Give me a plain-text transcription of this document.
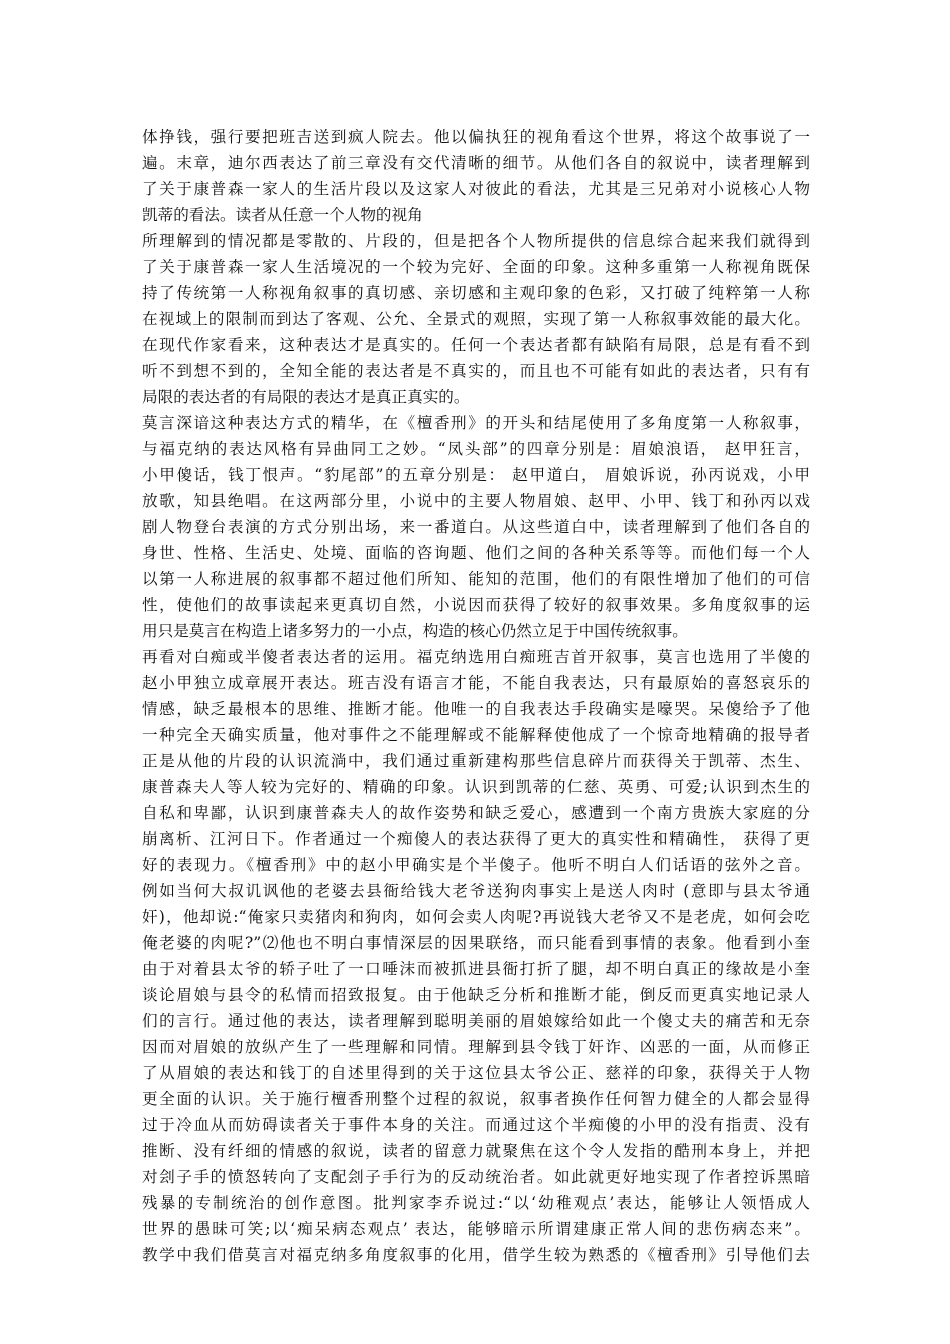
体挣钱，强行要把班吉送到疯人院去。他以偏执狂的视角看这个世界，将这个故事说了一
遍。末章，迪尔西表达了前三章没有交代清晰的细节。从他们各自的叙说中，读者理解到
了关于康普森一家人的生活片段以及这家人对彼此的看法，尤其是三兄弟对小说核心人物
凯蒂的看法。读者从任意一个人物的视角
所理解到的情况都是零散的、片段的，但是把各个人物所提供的信息综合起来我们就得到
了关于康普森一家人生活境况的一个较为完好、全面的印象。这种多重第一人称视角既保
持了传统第一人称视角叙事的真切感、亲切感和主观印象的色彩，又打破了纯粹第一人称
在视域上的限制而到达了客观、公允、全景式的观照，实现了第一人称叙事效能的最大化。
在现代作家看来，这种表达才是真实的。任何一个表达者都有缺陷有局限，总是有看不到
听不到想不到的，全知全能的表达者是不真实的，而且也不可能有如此的表达者，只有有
局限的表达者的有局限的表达才是真正真实的。
莫言深谙这种表达方式的精华，在《檀香刑》的开头和结尾使用了多角度第一人称叙事，
与福克纳的表达风格有异曲同工之妙。“凤头部”的四章分别是：眉娘浪语， 赵甲狂言，
小甲傻话，钱丁恨声。“豹尾部”的五章分别是： 赵甲道白， 眉娘诉说，孙丙说戏，小甲
放歌，知县绝唱。在这两部分里，小说中的主要人物眉娘、赵甲、小甲、钱丁和孙丙以戏
剧人物登台表演的方式分别出场，来一番道白。从这些道白中，读者理解到了他们各自的
身世、性格、生活史、处境、面临的咨询题、他们之间的各种关系等等。而他们每一个人
以第一人称进展的叙事都不超过他们所知、能知的范围，他们的有限性增加了他们的可信
性，使他们的故事读起来更真切自然，小说因而获得了较好的叙事效果。多角度叙事的运
用只是莫言在构造上诸多努力的一小点，构造的核心仍然立足于中国传统叙事。
再看对白痴或半傻者表达者的运用。福克纳选用白痴班吉首开叙事，莫言也选用了半傻的
赵小甲独立成章展开表达。班吉没有语言才能，不能自我表达，只有最原始的喜怒哀乐的
情感，缺乏最根本的思维、推断才能。他唯一的自我表达手段确实是嚎哭。呆傻给予了他
一种完全天确实质量，他对事件之不能理解或不能解释使他成了一个惊奇地精确的报导者
正是从他的片段的认识流淌中，我们通过重新建构那些信息碎片而获得关于凯蒂、杰生、
康普森夫人等人较为完好的、精确的印象。认识到凯蒂的仁慈、英勇、可爱;认识到杰生的
自私和卑鄙，认识到康普森夫人的故作姿势和缺乏爱心，感遭到一个南方贵族大家庭的分
崩离析、江河日下。作者通过一个痴傻人的表达获得了更大的真实性和精确性， 获得了更
好的表现力。《檀香刑》中的赵小甲确实是个半傻子。他听不明白人们话语的弦外之音。
例如当何大叔讥讽他的老婆去县衙给钱大老爷送狗肉事实上是送人肉时 (意即与县太爷通
奸)，他却说:“俺家只卖猪肉和狗肉，如何会卖人肉呢?再说钱大老爷又不是老虎，如何会吃
俺老婆的肉呢?”⑵他也不明白事情深层的因果联络，而只能看到事情的表象。他看到小奎
由于对着县太爷的轿子吐了一口唾沫而被抓进县衙打折了腿，却不明白真正的缘故是小奎
谈论眉娘与县令的私情而招致报复。由于他缺乏分析和推断才能，倒反而更真实地记录人
们的言行。通过他的表达，读者理解到聪明美丽的眉娘嫁给如此一个傻丈夫的痛苦和无奈
因而对眉娘的放纵产生了一些理解和同情。理解到县令钱丁奸诈、凶恶的一面，从而修正
了从眉娘的表达和钱丁的自述里得到的关于这位县太爷公正、慈祥的印象，获得关于人物
更全面的认识。关于施行檀香刑整个过程的叙说，叙事者换作任何智力健全的人都会显得
过于冷血从而妨碍读者关于事件本身的关注。而通过这个半痴傻的小甲的没有指责、没有
推断、没有纤细的情感的叙说，读者的留意力就聚焦在这个令人发指的酷刑本身上，并把
对刽子手的愤怒转向了支配刽子手行为的反动统治者。如此就更好地实现了作者控诉黑暗
残暴的专制统治的创作意图。批判家李乔说过:“以‘幼稚观点’表达，能够让人领悟成人
世界的愚昧可笑;以‘痴呆病态观点’ 表达，能够暗示所谓建康正常人间的悲伤病态来”。
教学中我们借莫言对福克纳多角度叙事的化用，借学生较为熟悉的《檀香刑》引导他们去
